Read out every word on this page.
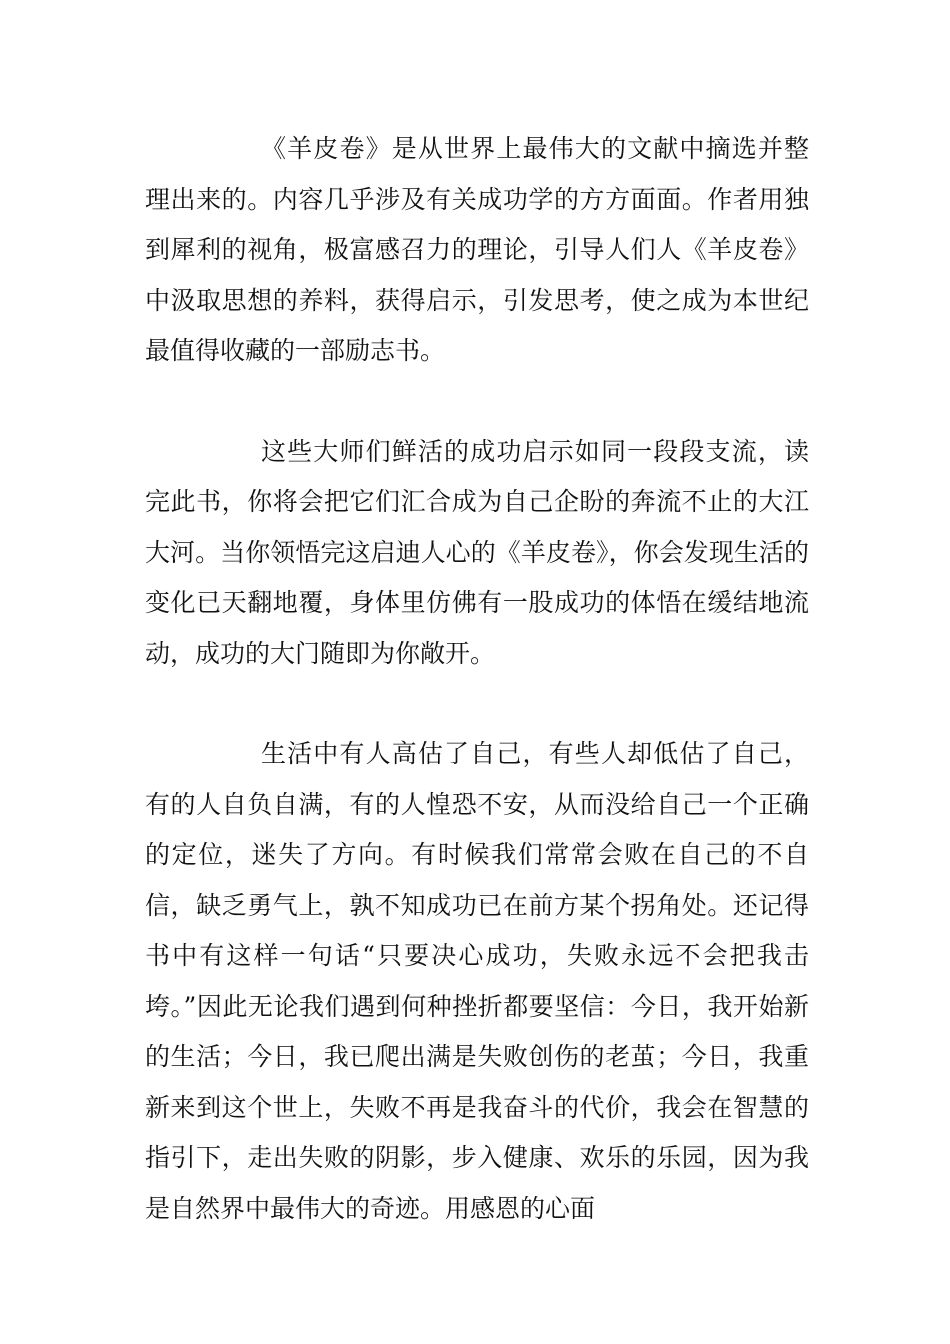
《羊皮卷》是从世界上最伟大的文献中摘选并整理出来的。内容几乎涉及有关成功学的方方面面。作者用独到犀利的视角，极富感召力的理论，引导人们人《羊皮卷》中汲取思想的养料，获得启示，引发思考，使之成为本世纪最值得收藏的一部励志书。

这些大师们鲜活的成功启示如同一段段支流，读完此书，你将会把它们汇合成为自己企盼的奔流不止的大江大河。当你领悟完这启迪人心的《羊皮卷》，你会发现生活的变化已天翻地覆，身体里仿佛有一股成功的体悟在缓结地流动，成功的大门随即为你敞开。

生活中有人高估了自己，有些人却低估了自己，有的人自负自满，有的人惶恐不安，从而没给自己一个正确的定位，迷失了方向。有时候我们常常会败在自己的不自信，缺乏勇气上，孰不知成功已在前方某个拐角处。还记得书中有这样一句话“只要决心成功，失败永远不会把我击垮。”因此无论我们遇到何种挫折都要坚信：今日，我开始新的生活；今日，我已爬出满是失败创伤的老茧；今日，我重新来到这个世上，失败不再是我奋斗的代价，我会在智慧的指引下，走出失败的阴影，步入健康、欢乐的乐园，因为我是自然界中最伟大的奇迹。用感恩的心面
